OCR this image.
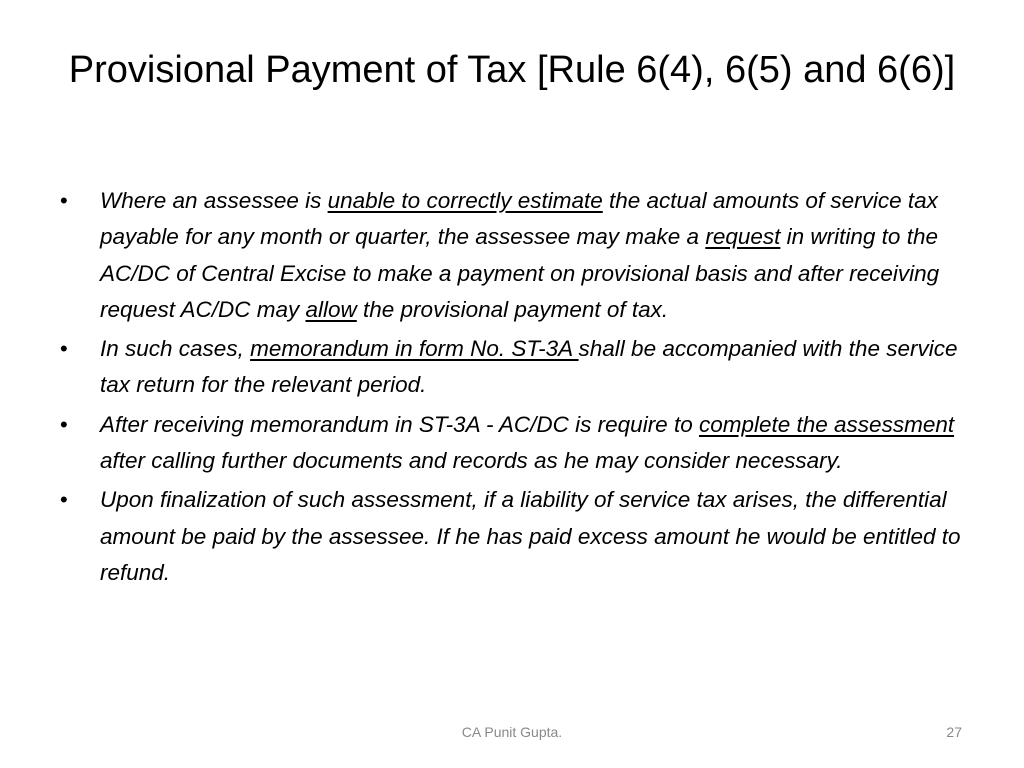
Provisional Payment of Tax [Rule 6(4), 6(5) and 6(6)]
• Where an assessee is unable to correctly estimate the actual amounts of service tax payable for any month or quarter, the assessee may make a request in writing to the AC/DC of Central Excise to make a payment on provisional basis and after receiving request AC/DC may allow the provisional payment of tax.
• In such cases, memorandum in form No. ST-3A shall be accompanied with the service tax return for the relevant period.
• After receiving memorandum in ST-3A - AC/DC is require to complete the assessment after calling further documents and records as he may consider necessary.
• Upon finalization of such assessment, if a liability of service tax arises, the differential amount be paid by the assessee. If he has paid excess amount he would be entitled to refund.
CA Punit Gupta.	27
